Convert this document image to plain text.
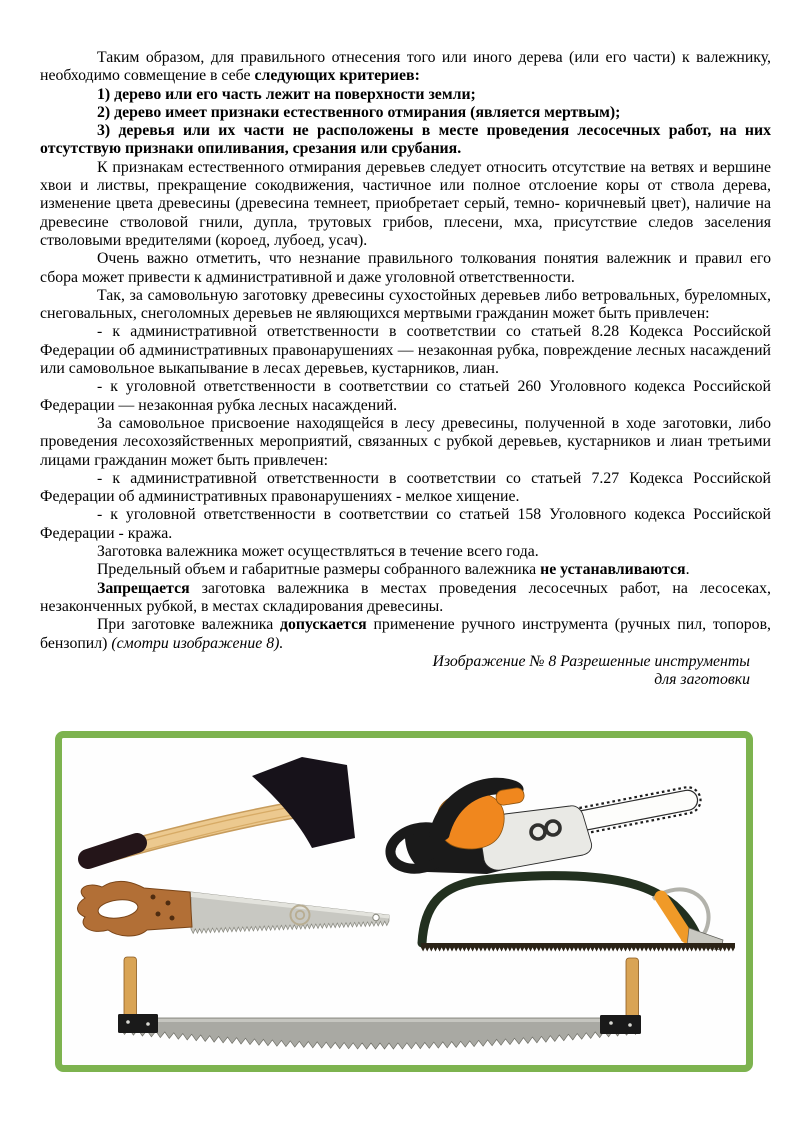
Таким образом, для правильного отнесения того или иного дерева (или его части) к валежнику, необходимо совмещение в себе следующих критериев:

1) дерево или его часть лежит на поверхности земли;

2) дерево имеет признаки естественного отмирания (является мертвым);

3) деревья или их части не расположены в месте проведения лесосечных работ, на них отсутствую признаки опиливания, срезания или срубания.

К признакам естественного отмирания деревьев следует относить отсутствие на ветвях и вершине хвои и листвы, прекращение сокодвижения, частичное или полное отслоение коры от ствола дерева, изменение цвета древесины (древесина темнеет, приобретает серый, темно- коричневый цвет), наличие на древесине стволовой гнили, дупла, трутовых грибов, плесени, мха, присутствие следов заселения стволовыми вредителями (короед, лубоед, усач).

Очень важно отметить, что незнание правильного толкования понятия валежник и правил его сбора может привести к административной и даже уголовной ответственности.

Так, за самовольную заготовку древесины сухостойных деревьев либо ветровальных, буреломных, снеговальных, снеголомных деревьев не являющихся мертвыми гражданин может быть привлечен:

- к административной ответственности в соответствии со статьей 8.28 Кодекса Российской Федерации об административных правонарушениях — незаконная рубка, повреждение лесных насаждений или самовольное выкапывание в лесах деревьев, кустарников, лиан.

- к уголовной ответственности в соответствии со статьей 260 Уголовного кодекса Российской Федерации — незаконная рубка лесных насаждений.

За самовольное присвоение находящейся в лесу древесины, полученной в ходе заготовки, либо проведения лесохозяйственных мероприятий, связанных с рубкой деревьев, кустарников и лиан третьими лицами гражданин может быть привлечен:

- к административной ответственности в соответствии со статьей 7.27 Кодекса Российской Федерации об административных правонарушениях - мелкое хищение.

- к уголовной ответственности в соответствии со статьей 158 Уголовного кодекса Российской Федерации - кража.

Заготовка валежника может осуществляться в течение всего года.

Предельный объем и габаритные размеры собранного валежника не устанавливаются.

Запрещается заготовка валежника в местах проведения лесосечных работ, на лесосеках, незаконченных рубкой, в местах складирования древесины.

При заготовке валежника допускается применение ручного инструмента (ручных пил, топоров, бензопил) (смотри изображение 8).

Изображение № 8 Разрешенные инструменты

для заготовки
